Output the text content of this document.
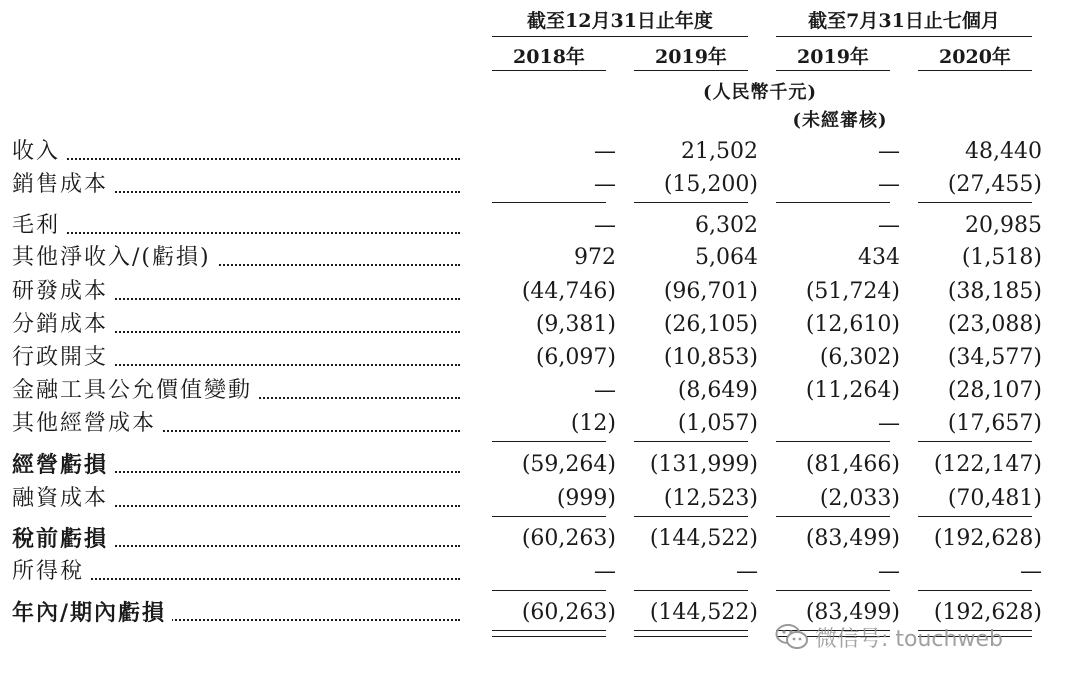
截至12月31日止年度	截至7月31日止七個月
2018年	2019年	2019年	2020年
(人民幣千元)
(未經審核)
收入	—	21,502	—	48,440
銷售成本	—	(15,200)	—	(27,455)
毛利	—	6,302	—	20,985
其他淨收入/(虧損)	972	5,064	434	(1,518)
研發成本	(44,746)	(96,701)	(51,724)	(38,185)
分銷成本	(9,381)	(26,105)	(12,610)	(23,088)
行政開支	(6,097)	(10,853)	(6,302)	(34,577)
金融工具公允價值變動	—	(8,649)	(11,264)	(28,107)
其他經營成本	(12)	(1,057)	—	(17,657)
經營虧損	(59,264)	(131,999)	(81,466)	(122,147)
融資成本	(999)	(12,523)	(2,033)	(70,481)
稅前虧損	(60,263)	(144,522)	(83,499)	(192,628)
所得稅	—	—	—	—
年內/期內虧損	(60,263)	(144,522)	(83,499)	(192,628)
微信号: touchweb
